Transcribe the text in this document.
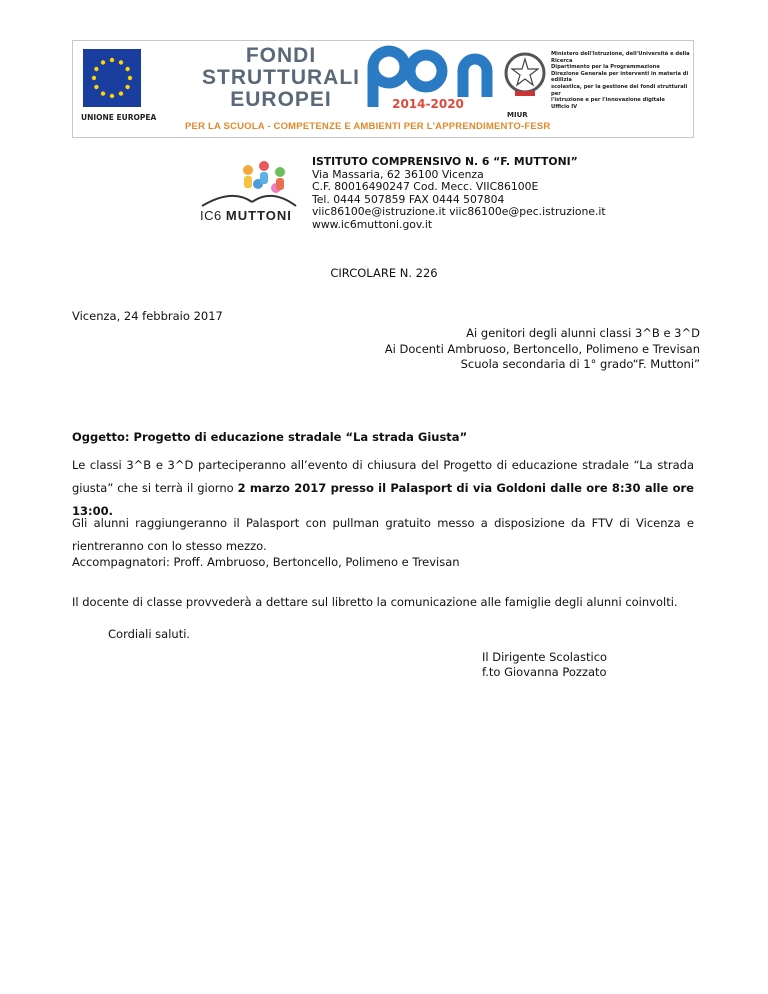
UNIONE EUROPEA
FONDI
STRUTTURALI
EUROPEI	2014-2020
PER LA SCUOLA - COMPETENZE E AMBIENTI PER L'APPRENDIMENTO-FESR
MIUR
Ministero dell'Istruzione, dell'Università e della Ricerca
Dipartimento per la Programmazione
Direzione Generale per interventi in materia di edilizia
scolastica, per la gestione dei fondi strutturali per
l'istruzione e per l'innovazione digitale
Ufficio IV
IC6 MUTTONI
ISTITUTO COMPRENSIVO N. 6 “F. MUTTONI”
Via Massaria, 62 36100 Vicenza
C.F. 80016490247 Cod. Mecc. VIIC86100E
Tel. 0444 507859 FAX 0444 507804
viic86100e@istruzione.it viic86100e@pec.istruzione.it
www.ic6muttoni.gov.it
CIRCOLARE N. 226
Vicenza, 24 febbraio 2017
Ai genitori degli alunni classi 3^B e 3^D
Ai Docenti Ambruoso, Bertoncello, Polimeno e Trevisan
Scuola secondaria di 1° grado“F. Muttoni”
Oggetto: Progetto di educazione stradale “La strada Giusta”
Le classi 3^B e 3^D parteciperanno all’evento di chiusura del Progetto di educazione stradale “La strada giusta” che si terrà il giorno 2 marzo 2017 presso il Palasport di via Goldoni dalle ore 8:30 alle ore 13:00.
Gli alunni raggiungeranno il Palasport con pullman gratuito messo a disposizione da FTV di Vicenza e rientreranno con lo stesso mezzo.
Accompagnatori: Proff. Ambruoso, Bertoncello, Polimeno e Trevisan
Il docente di classe provvederà a dettare sul libretto la comunicazione alle famiglie degli alunni coinvolti.
Cordiali saluti.
Il Dirigente Scolastico
f.to Giovanna Pozzato
